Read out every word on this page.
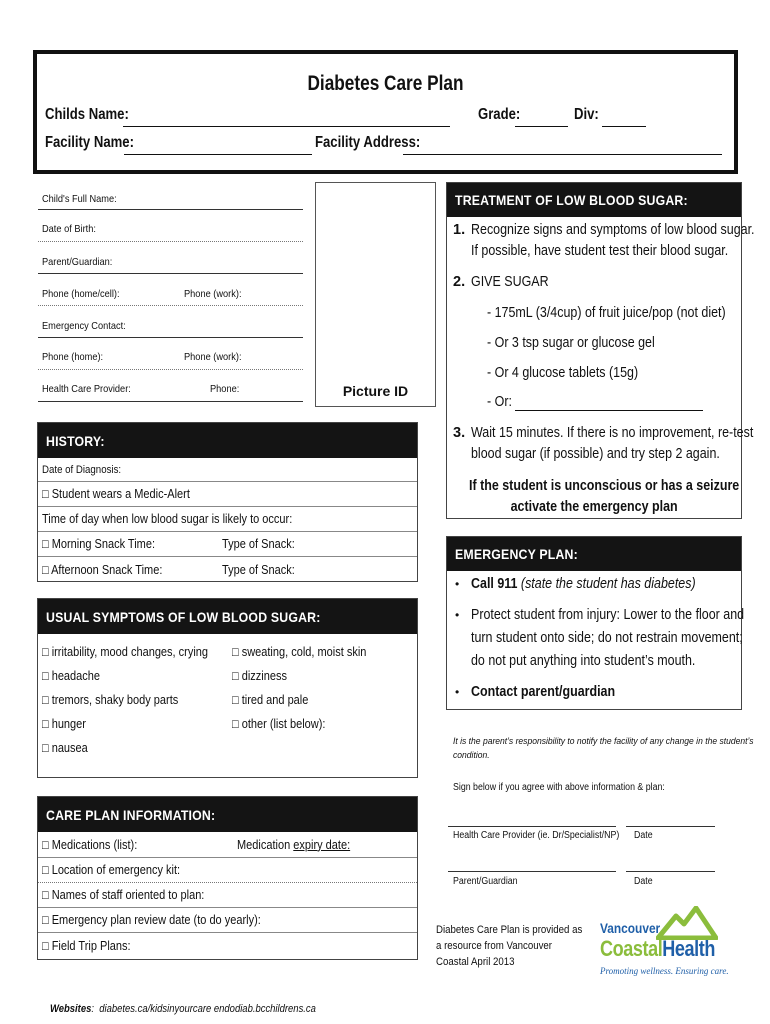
Diabetes Care Plan
Childs Name:	Grade:	Div:
Facility Name:	Facility Address:
Child's Full Name:
Date of Birth:
Parent/Guardian:
Phone (home/cell):	Phone (work):
Emergency Contact:
Phone (home):	Phone (work):
Health Care Provider:	Phone:	Picture ID
HISTORY:
Date of Diagnosis:
□ Student wears a Medic-Alert
Time of day when low blood sugar is likely to occur:
□ Morning Snack Time:	Type of Snack:
□ Afternoon Snack Time:	Type of Snack:
USUAL SYMPTOMS OF LOW BLOOD SUGAR:
□ irritability, mood changes, crying
□ headache
□ tremors, shaky body parts
□ hunger
□ nausea
□ sweating, cold, moist skin
□ dizziness
□ tired and pale
□ other (list below):
CARE PLAN INFORMATION:
□ Medications (list):	Medication expiry date:
□ Location of emergency kit:
□ Names of staff oriented to plan:
□ Emergency plan review date (to do yearly):
□ Field Trip Plans:
TREATMENT OF LOW BLOOD SUGAR:
1. Recognize signs and symptoms of low blood sugar.
If possible, have student test their blood sugar.
2. GIVE SUGAR
- 175mL (3/4cup) of fruit juice/pop (not diet)
- Or 3 tsp sugar or glucose gel
- Or 4 glucose tablets (15g)
- Or:
3. Wait 15 minutes. If there is no improvement, re-test
blood sugar (if possible) and try step 2 again.
If the student is unconscious or has a seizure
activate the emergency plan
EMERGENCY PLAN:
• Call 911 (state the student has diabetes)
• Protect student from injury: Lower to the floor and
turn student onto side; do not restrain movement;
do not put anything into student’s mouth.
• Contact parent/guardian
It is the parent’s responsibility to notify the facility of any change in the student’s
condition.
Sign below if you agree with above information & plan:
Health Care Provider (ie. Dr/Specialist/NP) Date
Parent/Guardian	Date
Diabetes Care Plan is provided as
a resource from Vancouver
Coastal April 2013
Vancouver
CoastalHealth
Promoting wellness. Ensuring care.
Websites: diabetes.ca/kidsinyourcare endodiab.bcchildrens.ca
